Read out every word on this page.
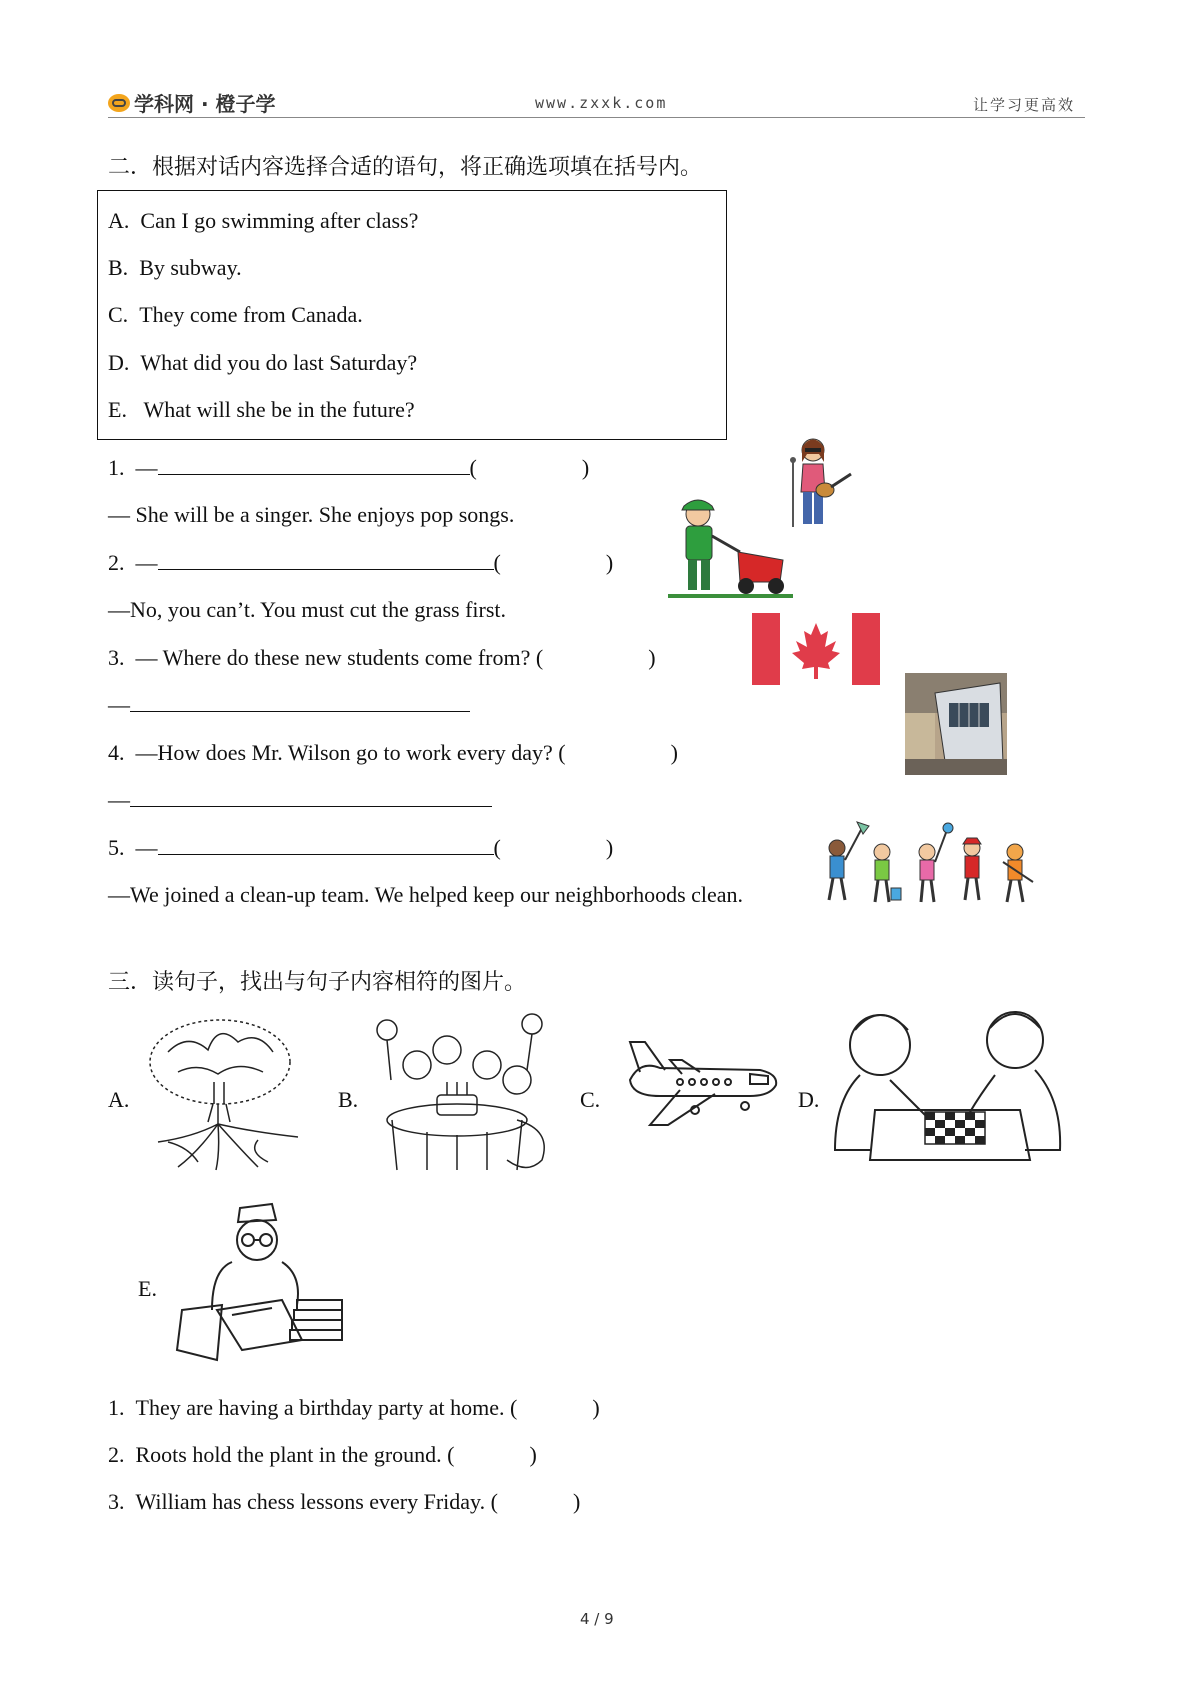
学科网 · 橙子学	www.zxxk.com	让学习更高效
二．根据对话内容选择合适的语句，将正确选项填在括号内。
A. Can I go swimming after class?
B. By subway.
C. They come from Canada.
D. What did you do last Saturday?
E. What will she be in the future?
1. —	(	)
— She will be a singer. She enjoys pop songs.
2. —	(	)
—No, you can’t. You must cut the grass first.
3. — Where do these new students come from? (	)
—
4. —How does Mr. Wilson go to work every day? (	)
—
5. —	(	)
—We joined a clean-up team. We helped keep our neighborhoods clean.
三．读句子，找出与句子内容相符的图片。
A.	B.	C.	D.
E.
1. They are having a birthday party at home. (	)
2. Roots hold the plant in the ground. (	)
3. William has chess lessons every Friday. (	)
4 / 9
